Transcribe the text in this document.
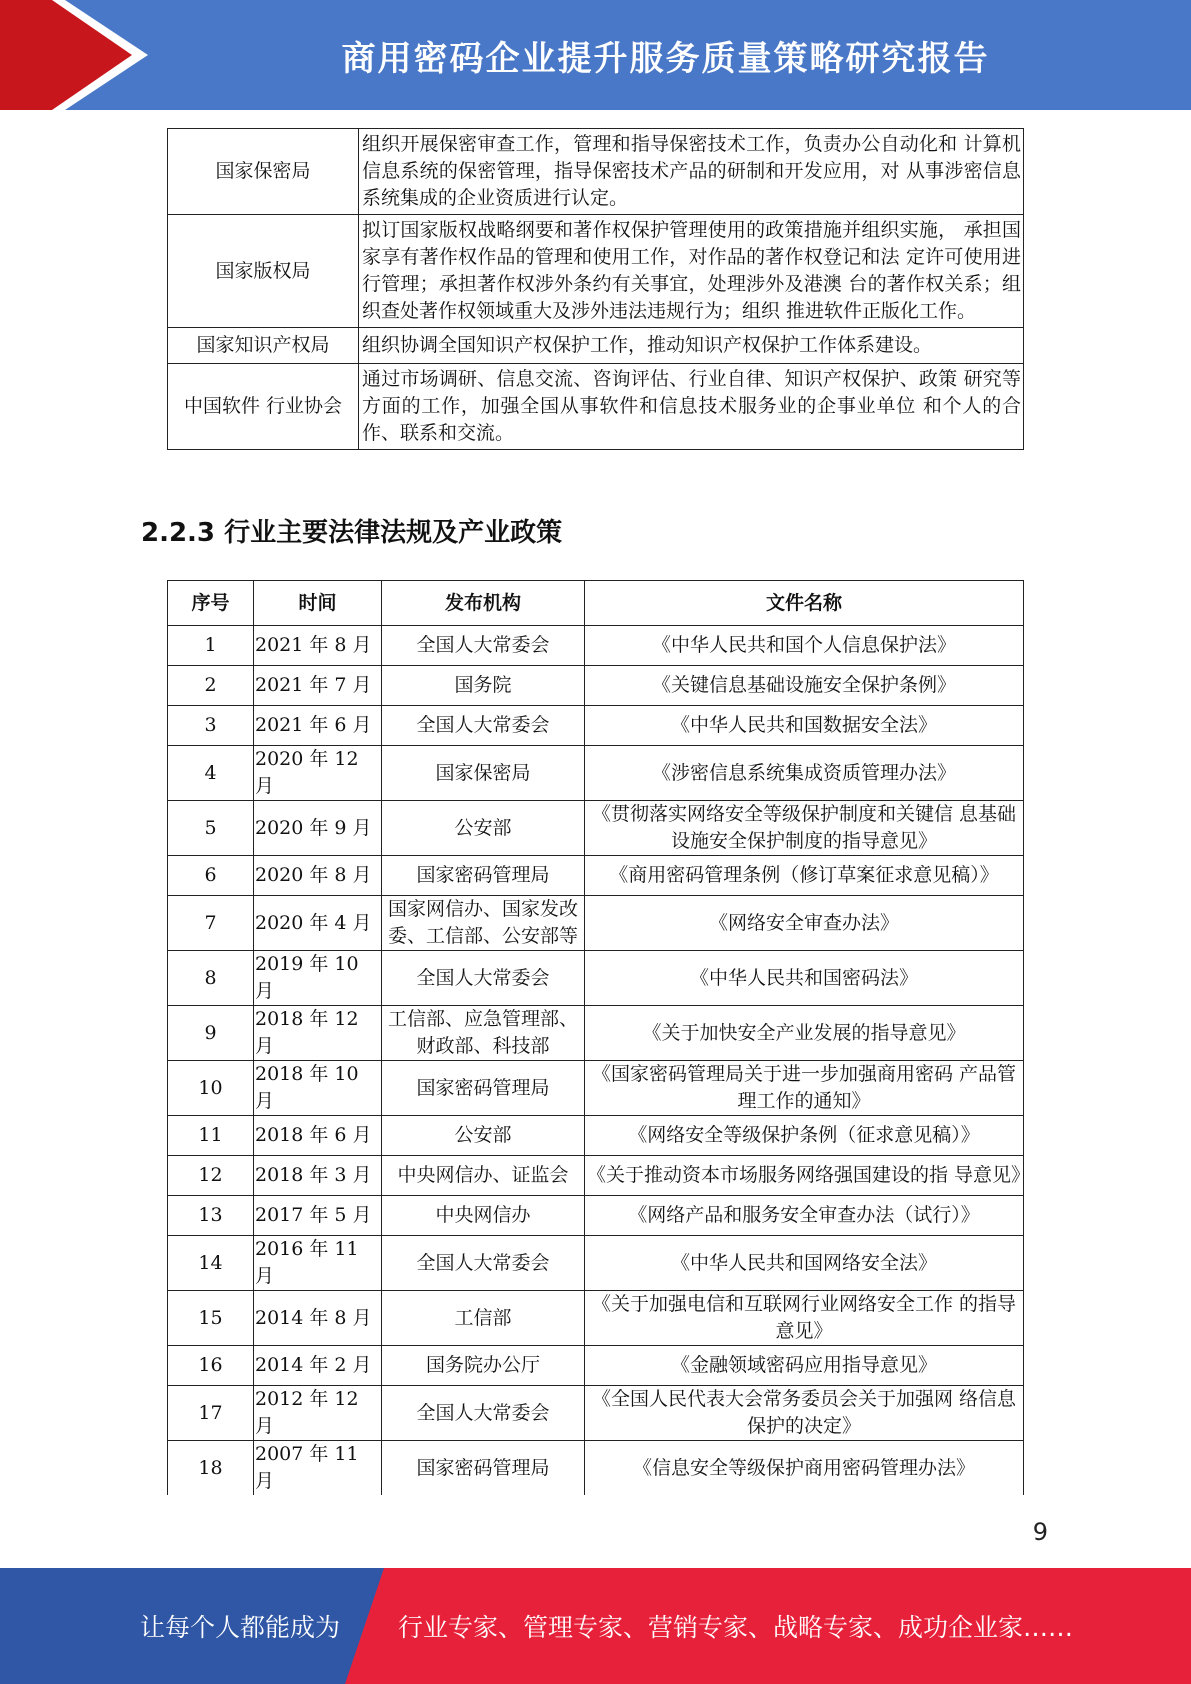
商用密码企业提升服务质量策略研究报告
国家保密局	组织开展保密审查工作，管理和指导保密技术工作，负责办公自动化和 计算机信息系统的保密管理，指导保密技术产品的研制和开发应用，对 从事涉密信息系统集成的企业资质进行认定。
国家版权局	拟订国家版权战略纲要和著作权保护管理使用的政策措施并组织实施， 承担国家享有著作权作品的管理和使用工作，对作品的著作权登记和法 定许可使用进行管理；承担著作权涉外条约有关事宜，处理涉外及港澳 台的著作权关系；组织查处著作权领域重大及涉外违法违规行为；组织 推进软件正版化工作。
国家知识产权局	组织协调全国知识产权保护工作，推动知识产权保护工作体系建设。
中国软件 行业协会	通过市场调研、信息交流、咨询评估、行业自律、知识产权保护、政策 研究等方面的工作，加强全国从事软件和信息技术服务业的企事业单位 和个人的合作、联系和交流。
2.2.3 行业主要法律法规及产业政策
序号	时间	发布机构	文件名称
1	2021 年 8 月	全国人大常委会	《中华人民共和国个人信息保护法》
2	2021 年 7 月	国务院	《关键信息基础设施安全保护条例》
3	2021 年 6 月	全国人大常委会	《中华人民共和国数据安全法》
4	2020 年 12 月	国家保密局	《涉密信息系统集成资质管理办法》
5	2020 年 9 月	公安部	《贯彻落实网络安全等级保护制度和关键信 息基础设施安全保护制度的指导意见》
6	2020 年 8 月	国家密码管理局	《商用密码管理条例（修订草案征求意见稿）》
7	2020 年 4 月	国家网信办、国家发改委、工信部、公安部等	《网络安全审查办法》
8	2019 年 10 月	全国人大常委会	《中华人民共和国密码法》
9	2018 年 12 月	工信部、应急管理部、财政部、科技部	《关于加快安全产业发展的指导意见》
10	2018 年 10 月	国家密码管理局	《国家密码管理局关于进一步加强商用密码 产品管理工作的通知》
11	2018 年 6 月	公安部	《网络安全等级保护条例（征求意见稿）》
12	2018 年 3 月	中央网信办、证监会	《关于推动资本市场服务网络强国建设的指 导意见》
13	2017 年 5 月	中央网信办	《网络产品和服务安全审查办法（试行）》
14	2016 年 11 月	全国人大常委会	《中华人民共和国网络安全法》
15	2014 年 8 月	工信部	《关于加强电信和互联网行业网络安全工作 的指导意见》
16	2014 年 2 月	国务院办公厅	《金融领域密码应用指导意见》
17	2012 年 12 月	全国人大常委会	《全国人民代表大会常务委员会关于加强网 络信息保护的决定》
18	2007 年 11 月	国家密码管理局	《信息安全等级保护商用密码管理办法》
9
让每个人都能成为 行业专家、管理专家、营销专家、战略专家、成功企业家……
